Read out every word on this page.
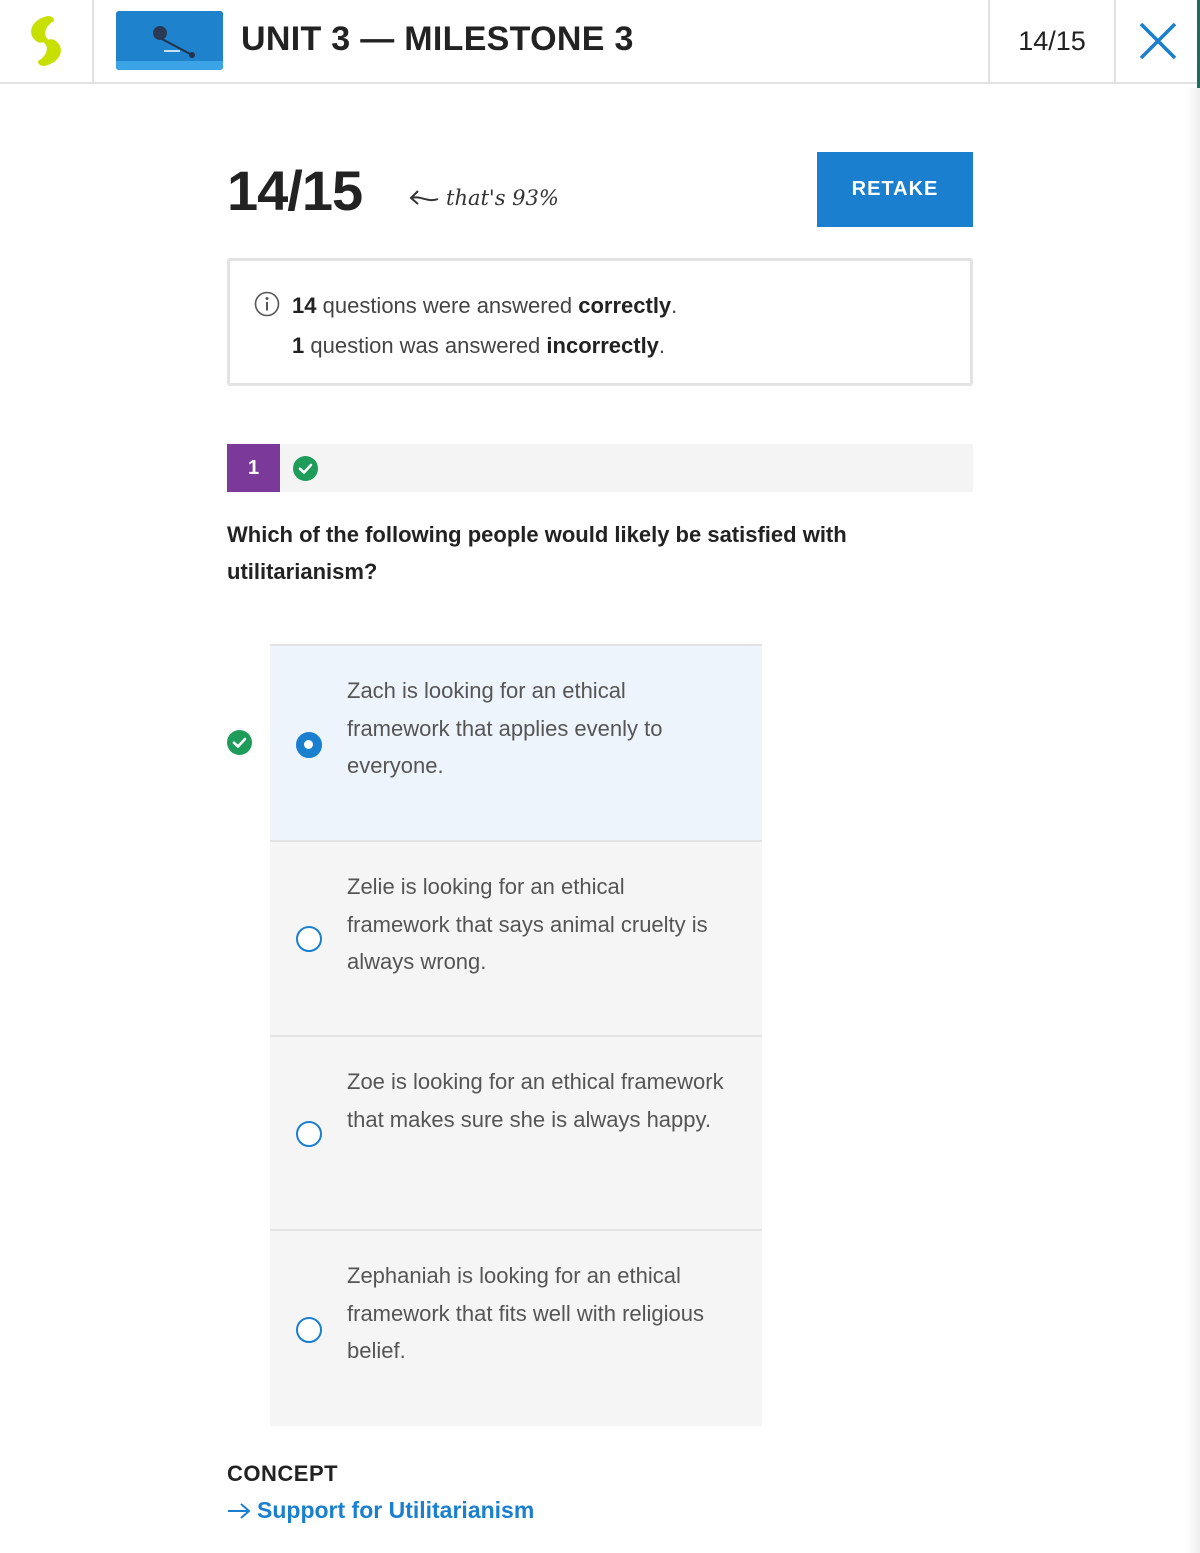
UNIT 3 — MILESTONE 3	14/15
14/15	that's 93%	RETAKE
14 questions were answered correctly.
1 question was answered incorrectly.
1
Which of the following people would likely be satisfied with utilitarianism?
Zach is looking for an ethical framework that applies evenly to everyone.
Zelie is looking for an ethical framework that says animal cruelty is always wrong.
Zoe is looking for an ethical framework that makes sure she is always happy.
Zephaniah is looking for an ethical framework that fits well with religious belief.
CONCEPT
Support for Utilitarianism
